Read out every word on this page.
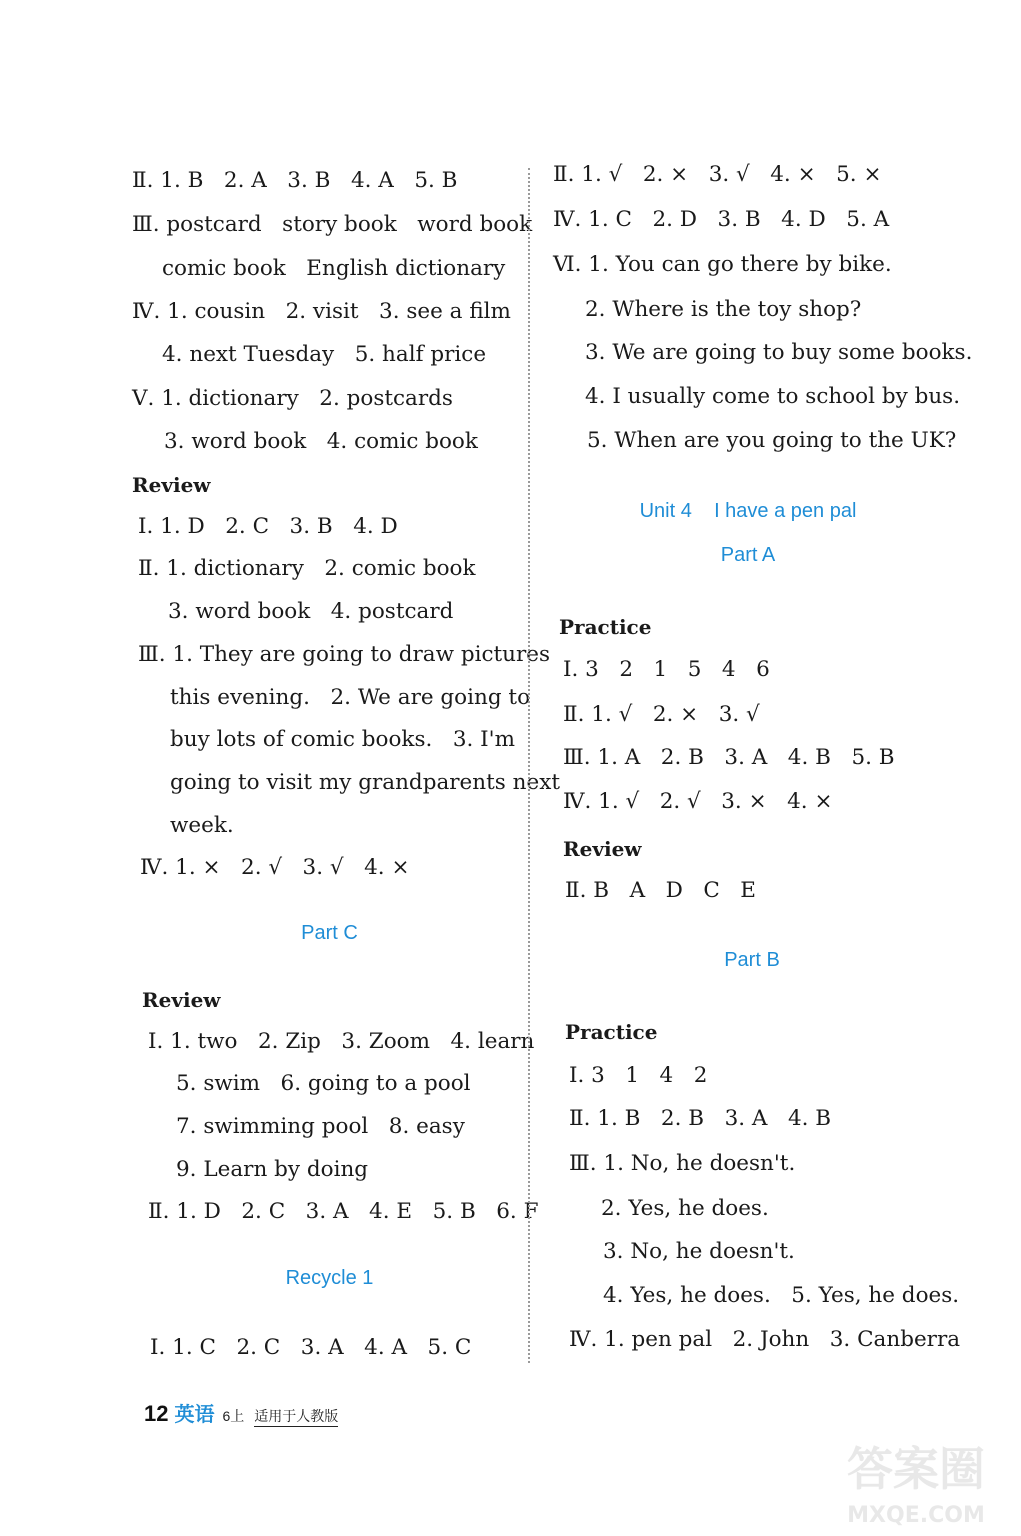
Ⅱ. 1. B   2. A   3. B   4. A   5. B
Ⅲ. postcard   story book   word book
comic book   English dictionary
Ⅳ. 1. cousin   2. visit   3. see a film
4. next Tuesday   5. half price
Ⅴ. 1. dictionary   2. postcards
3. word book   4. comic book
Review
Ⅰ. 1. D   2. C   3. B   4. D
Ⅱ. 1. dictionary   2. comic book
3. word book   4. postcard
Ⅲ. 1. They are going to draw pictures
this evening.   2. We are going to
buy lots of comic books.   3. I'm
going to visit my grandparents next
week.
Ⅳ. 1. ×   2. √   3. √   4. ×
Part C
Review
Ⅰ. 1. two   2. Zip   3. Zoom   4. learn
5. swim   6. going to a pool
7. swimming pool   8. easy
9. Learn by doing
Ⅱ. 1. D   2. C   3. A   4. E   5. B   6. F
Recycle 1
Ⅰ. 1. C   2. C   3. A   4. A   5. C
Ⅱ. 1. √   2. ×   3. √   4. ×   5. ×
Ⅳ. 1. C   2. D   3. B   4. D   5. A
Ⅵ. 1. You can go there by bike.
2. Where is the toy shop?
3. We are going to buy some books.
4. I usually come to school by bus.
5. When are you going to the UK?
Unit 4    I have a pen pal
Part A
Practice
Ⅰ. 3   2   1   5   4   6
Ⅱ. 1. √   2. ×   3. √
Ⅲ. 1. A   2. B   3. A   4. B   5. B
Ⅳ. 1. √   2. √   3. ×   4. ×
Review
Ⅱ. B   A   D   C   E
Part B
Practice
Ⅰ. 3   1   4   2
Ⅱ. 1. B   2. B   3. A   4. B
Ⅲ. 1. No, he doesn't.
2. Yes, he does.
3. No, he doesn't.
4. Yes, he does.   5. Yes, he does.
Ⅳ. 1. pen pal   2. John   3. Canberra
12 英语 6上 适用于人教版
答案圈
MXQE.COM
